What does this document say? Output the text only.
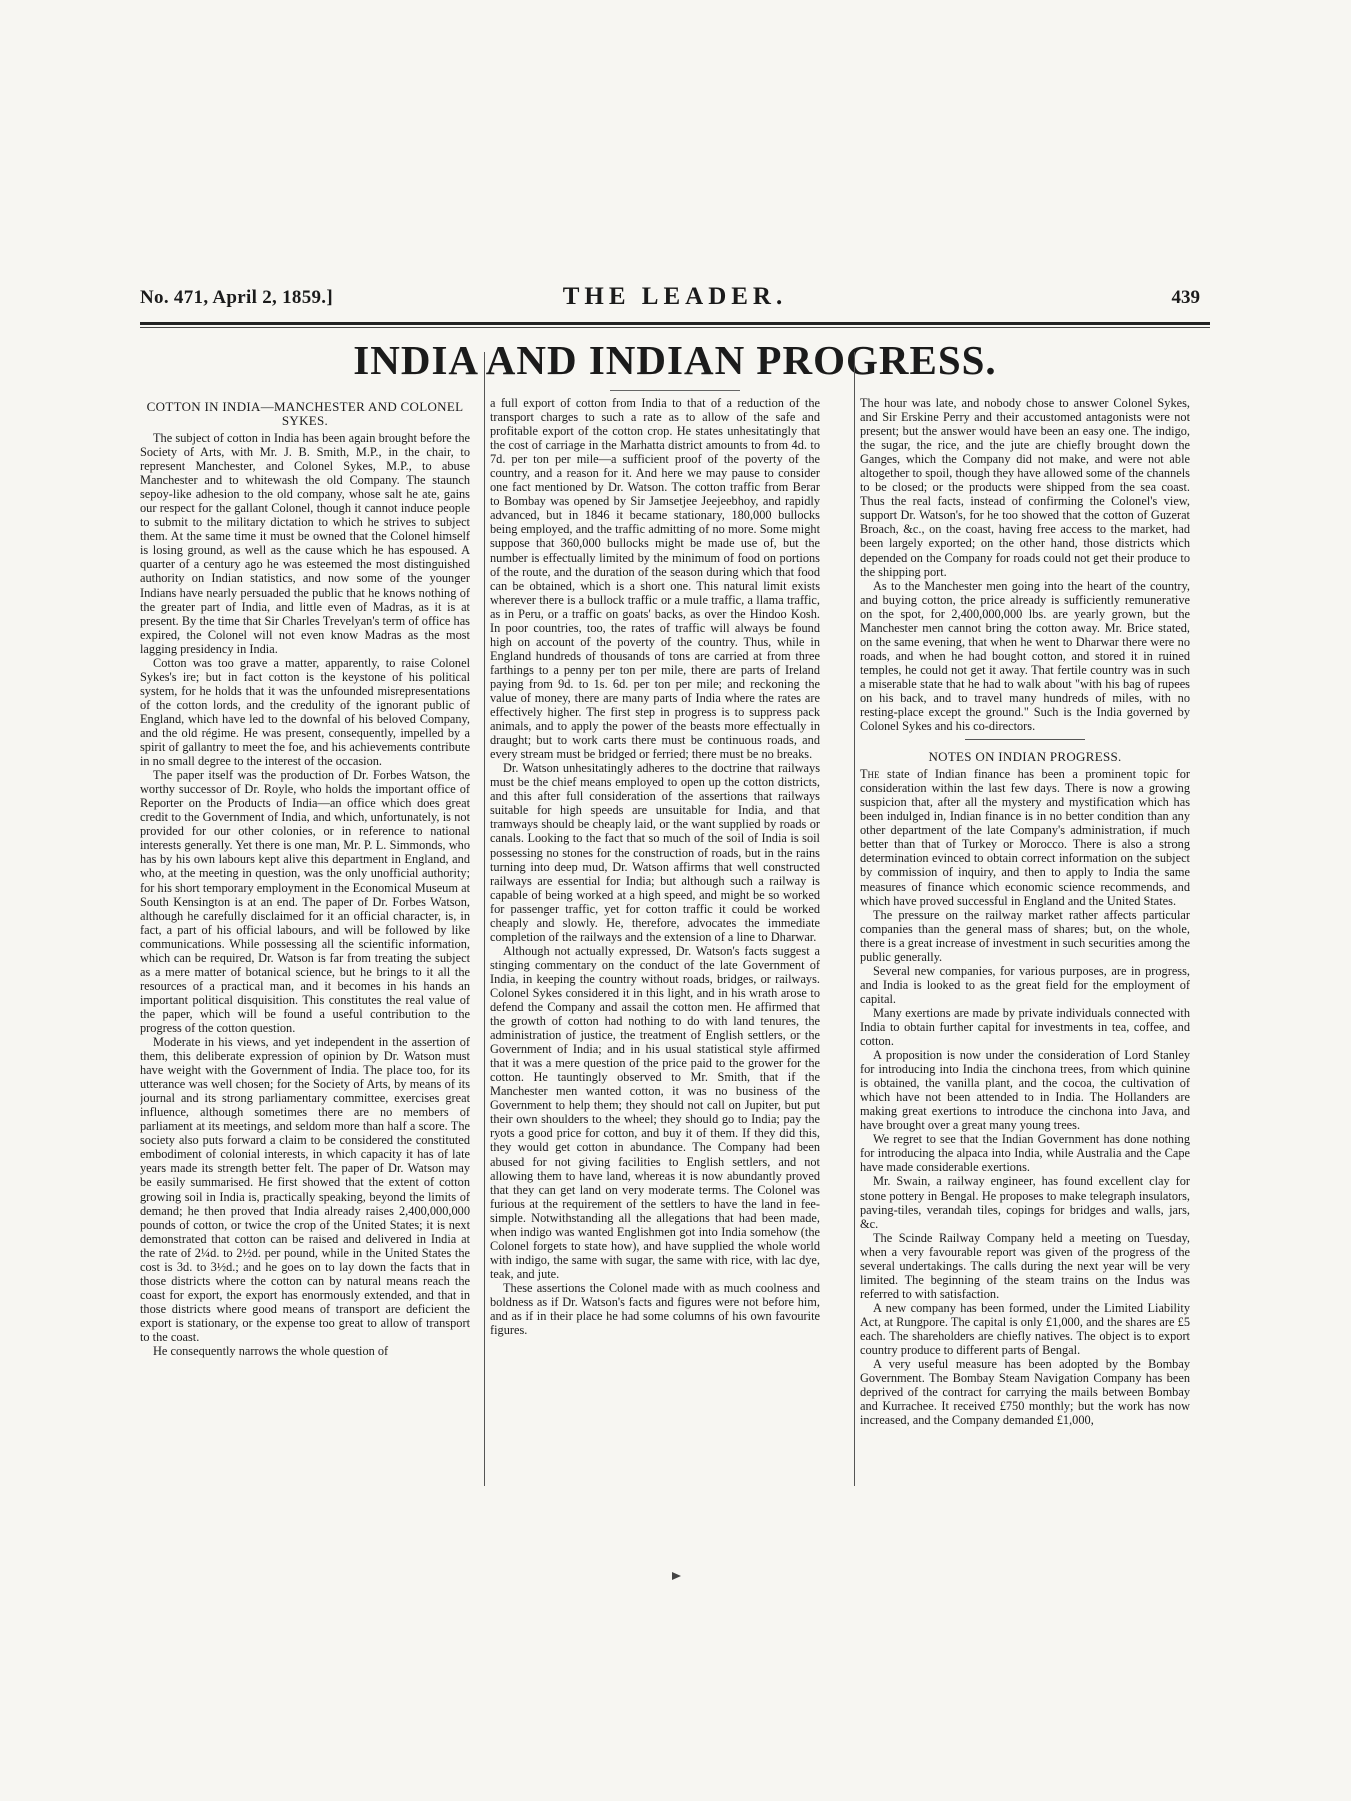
No. 471, April 2, 1859.]	THE LEADER.	439
INDIA AND INDIAN PROGRESS.
COTTON IN INDIA—MANCHESTER AND COLONEL SYKES.

The subject of cotton in India has been again brought before the Society of Arts, with Mr. J. B. Smith, M.P., in the chair, to represent Manchester, and Colonel Sykes, M.P., to abuse Manchester and to whitewash the old Company. The staunch sepoy-like adhesion to the old company, whose salt he ate, gains our respect for the gallant Colonel, though it cannot induce people to submit to the military dictation to which he strives to subject them. At the same time it must be owned that the Colonel himself is losing ground, as well as the cause which he has espoused. A quarter of a century ago he was esteemed the most distinguished authority on Indian statistics, and now some of the younger Indians have nearly persuaded the public that he knows nothing of the greater part of India, and little even of Madras, as it is at present. By the time that Sir Charles Trevelyan's term of office has expired, the Colonel will not even know Madras as the most lagging presidency in India.

Cotton was too grave a matter, apparently, to raise Colonel Sykes's ire; but in fact cotton is the keystone of his political system, for he holds that it was the unfounded misrepresentations of the cotton lords, and the credulity of the ignorant public of England, which have led to the downfal of his beloved Company, and the old régime. He was present, consequently, impelled by a spirit of gallantry to meet the foe, and his achievements contribute in no small degree to the interest of the occasion.

The paper itself was the production of Dr. Forbes Watson, the worthy successor of Dr. Royle, who holds the important office of Reporter on the Products of India—an office which does great credit to the Government of India, and which, unfortunately, is not provided for our other colonies, or in reference to national interests generally. Yet there is one man, Mr. P. L. Simmonds, who has by his own labours kept alive this department in England, and who, at the meeting in question, was the only unofficial authority; for his short temporary employment in the Economical Museum at South Kensington is at an end. The paper of Dr. Forbes Watson, although he carefully disclaimed for it an official character, is, in fact, a part of his official labours, and will be followed by like communications. While possessing all the scientific information, which can be required, Dr. Watson is far from treating the subject as a mere matter of botanical science, but he brings to it all the resources of a practical man, and it becomes in his hands an important political disquisition. This constitutes the real value of the paper, which will be found a useful contribution to the progress of the cotton question.

Moderate in his views, and yet independent in the assertion of them, this deliberate expression of opinion by Dr. Watson must have weight with the Government of India. The place too, for its utterance was well chosen; for the Society of Arts, by means of its journal and its strong parliamentary committee, exercises great influence, although sometimes there are no members of parliament at its meetings, and seldom more than half a score. The society also puts forward a claim to be considered the constituted embodiment of colonial interests, in which capacity it has of late years made its strength better felt. The paper of Dr. Watson may be easily summarised. He first showed that the extent of cotton growing soil in India is, practically speaking, beyond the limits of demand; he then proved that India already raises 2,400,000,000 pounds of cotton, or twice the crop of the United States; it is next demonstrated that cotton can be raised and delivered in India at the rate of 2¼d. to 2½d. per pound, while in the United States the cost is 3d. to 3½d.; and he goes on to lay down the facts that in those districts where the cotton can by natural means reach the coast for export, the export has enormously extended, and that in those districts where good means of transport are deficient the export is stationary, or the expense too great to allow of transport to the coast.

He consequently narrows the whole question of

a full export of cotton from India to that of a reduction of the transport charges to such a rate as to allow of the safe and profitable export of the cotton crop. He states unhesitatingly that the cost of carriage in the Marhatta district amounts to from 4d. to 7d. per ton per mile—a sufficient proof of the poverty of the country, and a reason for it. And here we may pause to consider one fact mentioned by Dr. Watson. The cotton traffic from Berar to Bombay was opened by Sir Jamsetjee Jeejeebhoy, and rapidly advanced, but in 1846 it became stationary, 180,000 bullocks being employed, and the traffic admitting of no more. Some might suppose that 360,000 bullocks might be made use of, but the number is effectually limited by the minimum of food on portions of the route, and the duration of the season during which that food can be obtained, which is a short one. This natural limit exists wherever there is a bullock traffic or a mule traffic, a llama traffic, as in Peru, or a traffic on goats' backs, as over the Hindoo Kosh. In poor countries, too, the rates of traffic will always be found high on account of the poverty of the country. Thus, while in England hundreds of thousands of tons are carried at from three farthings to a penny per ton per mile, there are parts of Ireland paying from 9d. to 1s. 6d. per ton per mile; and reckoning the value of money, there are many parts of India where the rates are effectively higher. The first step in progress is to suppress pack animals, and to apply the power of the beasts more effectually in draught; but to work carts there must be continuous roads, and every stream must be bridged or ferried; there must be no breaks.

Dr. Watson unhesitatingly adheres to the doctrine that railways must be the chief means employed to open up the cotton districts, and this after full consideration of the assertions that railways suitable for high speeds are unsuitable for India, and that tramways should be cheaply laid, or the want supplied by roads or canals. Looking to the fact that so much of the soil of India is soil possessing no stones for the construction of roads, but in the rains turning into deep mud, Dr. Watson affirms that well constructed railways are essential for India; but although such a railway is capable of being worked at a high speed, and might be so worked for passenger traffic, yet for cotton traffic it could be worked cheaply and slowly. He, therefore, advocates the immediate completion of the railways and the extension of a line to Dharwar.

Although not actually expressed, Dr. Watson's facts suggest a stinging commentary on the conduct of the late Government of India, in keeping the country without roads, bridges, or railways. Colonel Sykes considered it in this light, and in his wrath arose to defend the Company and assail the cotton men. He affirmed that the growth of cotton had nothing to do with land tenures, the administration of justice, the treatment of English settlers, or the Government of India; and in his usual statistical style affirmed that it was a mere question of the price paid to the grower for the cotton. He tauntingly observed to Mr. Smith, that if the Manchester men wanted cotton, it was no business of the Government to help them; they should not call on Jupiter, but put their own shoulders to the wheel; they should go to India; pay the ryots a good price for cotton, and buy it of them. If they did this, they would get cotton in abundance. The Company had been abused for not giving facilities to English settlers, and not allowing them to have land, whereas it is now abundantly proved that they can get land on very moderate terms. The Colonel was furious at the requirement of the settlers to have the land in fee-simple. Notwithstanding all the allegations that had been made, when indigo was wanted Englishmen got into India somehow (the Colonel forgets to state how), and have supplied the whole world with indigo, the same with sugar, the same with rice, with lac dye, teak, and jute.

These assertions the Colonel made with as much coolness and boldness as if Dr. Watson's facts and figures were not before him, and as if in their place he had some columns of his own favourite figures.

The hour was late, and nobody chose to answer Colonel Sykes, and Sir Erskine Perry and their accustomed antagonists were not present; but the answer would have been an easy one. The indigo, the sugar, the rice, and the jute are chiefly brought down the Ganges, which the Company did not make, and were not able altogether to spoil, though they have allowed some of the channels to be closed; or the products were shipped from the sea coast. Thus the real facts, instead of confirming the Colonel's view, support Dr. Watson's, for he too showed that the cotton of Guzerat Broach, &c., on the coast, having free access to the market, had been largely exported; on the other hand, those districts which depended on the Company for roads could not get their produce to the shipping port.

As to the Manchester men going into the heart of the country, and buying cotton, the price already is sufficiently remunerative on the spot, for 2,400,000,000 lbs. are yearly grown, but the Manchester men cannot bring the cotton away. Mr. Brice stated, on the same evening, that when he went to Dharwar there were no roads, and when he had bought cotton, and stored it in ruined temples, he could not get it away. That fertile country was in such a miserable state that he had to walk about "with his bag of rupees on his back, and to travel many hundreds of miles, with no resting-place except the ground." Such is the India governed by Colonel Sykes and his co-directors.

NOTES ON INDIAN PROGRESS.

The state of Indian finance has been a prominent topic for consideration within the last few days. There is now a growing suspicion that, after all the mystery and mystification which has been indulged in, Indian finance is in no better condition than any other department of the late Company's administration, if much better than that of Turkey or Morocco. There is also a strong determination evinced to obtain correct information on the subject by commission of inquiry, and then to apply to India the same measures of finance which economic science recommends, and which have proved successful in England and the United States.

The pressure on the railway market rather affects particular companies than the general mass of shares; but, on the whole, there is a great increase of investment in such securities among the public generally.

Several new companies, for various purposes, are in progress, and India is looked to as the great field for the employment of capital.

Many exertions are made by private individuals connected with India to obtain further capital for investments in tea, coffee, and cotton.

A proposition is now under the consideration of Lord Stanley for introducing into India the cinchona trees, from which quinine is obtained, the vanilla plant, and the cocoa, the cultivation of which have not been attended to in India. The Hollanders are making great exertions to introduce the cinchona into Java, and have brought over a great many young trees.

We regret to see that the Indian Government has done nothing for introducing the alpaca into India, while Australia and the Cape have made considerable exertions.

Mr. Swain, a railway engineer, has found excellent clay for stone pottery in Bengal. He proposes to make telegraph insulators, paving-tiles, verandah tiles, copings for bridges and walls, jars, &c.

The Scinde Railway Company held a meeting on Tuesday, when a very favourable report was given of the progress of the several undertakings. The calls during the next year will be very limited. The beginning of the steam trains on the Indus was referred to with satisfaction.

A new company has been formed, under the Limited Liability Act, at Rungpore. The capital is only £1,000, and the shares are £5 each. The shareholders are chiefly natives. The object is to export country produce to different parts of Bengal.

A very useful measure has been adopted by the Bombay Government. The Bombay Steam Navigation Company has been deprived of the contract for carrying the mails between Bombay and Kurrachee. It received £750 monthly; but the work has now increased, and the Company demanded £1,000,
